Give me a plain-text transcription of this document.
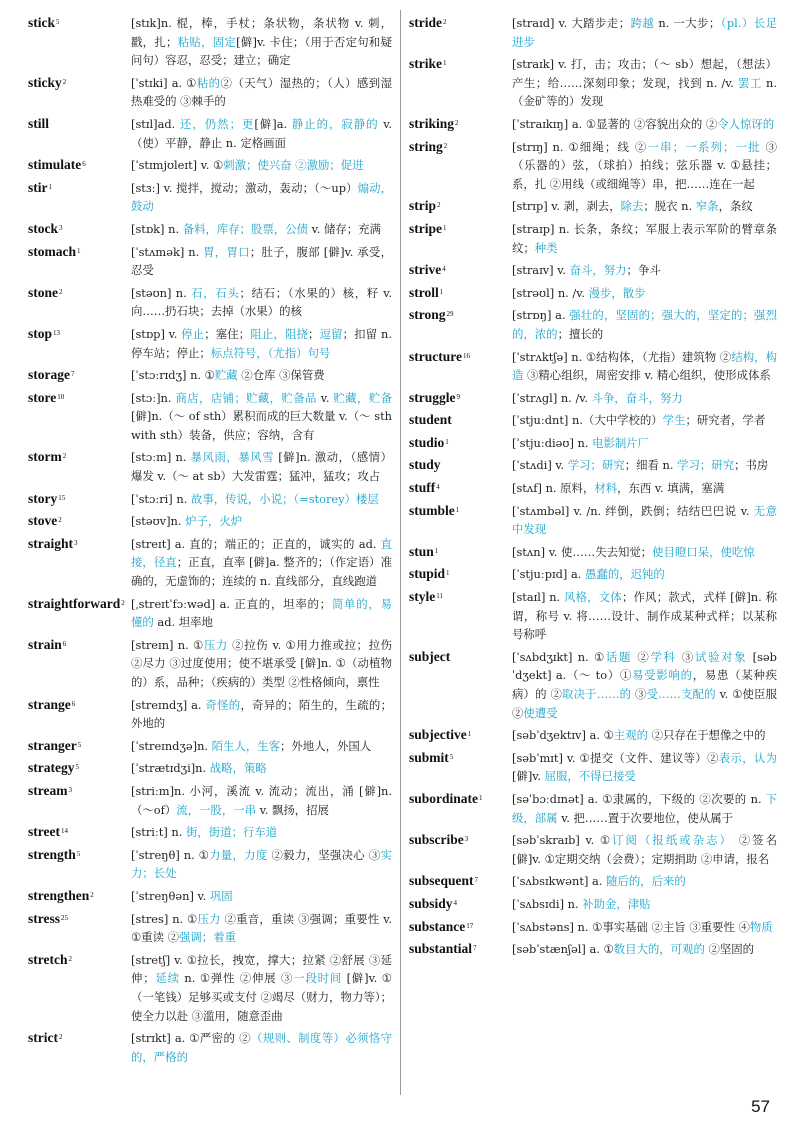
stick$^5$	[stɪk]n. 棍，棒，手杖；条状物，条状物 v. 刺，戳，扎；粘贴，固定[僻]v. 卡住；（用于否定句和疑问句）容忍，忍受；建立；确定
sticky$^2$	[ˈstɪki] a. ①粘的②（天气）湿热的；（人）感到湿热难受的 ③棘手的
still	[stɪl]ad. 还，仍然；更[僻]a. 静止的，寂静的 v.（使）平静，静止 n. 定格画面
stimulate$^6$	[ˈstɪmjʊleɪt] v. ①刺激；使兴奋 ②激励；促进
stir$^1$	[stɜː] v. 搅拌，搅动；激动，轰动；（～up）煽动，鼓动
stock$^3$	[stɒk] n. 备料，库存；股票，公债 v. 储存；充满
stomach$^1$	[ˈstʌmək] n. 胃，胃口；肚子，腹部 [僻]v. 承受，忍受
stone$^2$	[stəʊn] n. 石，石头；结石；（水果的）核，籽 v. 向……扔石块；去掉（水果）的核
stop$^{13}$	[stɒp] v. 停止；塞住；阻止，阻挠；逗留；扣留 n. 停车站；停止；标点符号，（尤指）句号
storage$^7$	[ˈstɔːrɪdʒ] n. ①贮藏 ②仓库 ③保管费
store$^{10}$	[stɔː]n. 商店，店铺；贮藏，贮备品 v. 贮藏，贮备 [僻]n.（～ of sth）累积而成的巨大数量 v.（～ sth with sth）装备，供应；容纳，含有
storm$^2$	[stɔːm] n. 暴风雨，暴风雪 [僻]n. 激动，（感情）爆发 v.（～ at sb）大发雷霆；猛冲，猛攻；攻占
story$^{15}$	[ˈstɔːri] n. 故事，传说，小说；（=storey）楼层
stove$^2$	[stəʊv]n. 炉子，火炉
straight$^3$	[streɪt] a. 直的；端正的；正直的，诚实的 ad. 直接，径直；正直，直率 [僻]a. 整齐的；（作定语）准确的，无虚饰的；连续的 n. 直线部分，直线跑道
straightforward$^2$ [ˌstreɪtˈfɔːwəd] a. 正直的，坦率的；简单的，易懂的 ad. 坦率地
strain$^6$	[streɪn] n. ①压力 ②拉伤 v. ①用力推或拉；拉伤 ②尽力 ③过度使用；使不堪承受 [僻]n. ①（动植物的）系，品种；（疾病的）类型 ②性格倾向，禀性
strange$^6$	[streɪndʒ] a. 奇怪的，奇异的；陌生的，生疏的；外地的
stranger$^5$	[ˈstreɪndʒə]n. 陌生人，生客；外地人，外国人
strategy$^5$	[ˈstrætɪdʒi]n. 战略，策略
stream$^3$	[striːm]n. 小河，溪流 v. 流动；流出，涌 [僻]n.（～of）流，一股，一串 v. 飘扬，招展
street$^{14}$	[striːt] n. 街，街道；行车道
strength$^5$	[ˈstreŋθ] n. ①力量，力度 ②毅力，坚强决心 ③实力；长处
strengthen$^2$	[ˈstreŋθən] v. 巩固
stress$^{25}$	[stres] n. ①压力 ②重音，重读 ③强调；重要性 v. ①重读 ②强调；着重
stretch$^2$	[stretʃ] v. ①拉长，拽宽，撑大；拉紧 ②舒展 ③延伸；延续 n. ①弹性 ②伸展 ③一段时间 [僻]v. ①（一笔钱）足够买或支付 ②竭尽（财力，物力等）；使全力以赴 ③滥用，随意歪曲
strict$^2$	[strɪkt] a. ①严密的 ②（规则、制度等）必须恪守的，严格的
stride$^2$	[straɪd] v. 大踏步走；跨越 n. 一大步；（pl.）长足进步
strike$^1$	[straɪk] v. 打，击；攻击；（～ sb）想起，（想法）产生；给……深刻印象；发现，找到 n. /v. 罢工 n.（金矿等的）发现
striking$^2$	[ˈstraɪkɪŋ] a. ①显著的 ②容貌出众的 ②令人惊讶的
string$^2$	[strɪŋ] n. ①细绳；线 ②一串；一系列；一批 ③（乐器的）弦，（球拍）拍线；弦乐器 v. ①悬挂；系，扎 ②用线（或细绳等）串，把……连在一起
strip$^2$	[strɪp] v. 剥，剥去，除去；脱衣 n. 窄条，条纹
stripe$^1$	[straɪp] n. 长条，条纹；军服上表示军阶的臂章条纹；种类
strive$^4$	[straɪv] v. 奋斗，努力；争斗
stroll$^1$	[strəʊl] n. /v. 漫步，散步
strong$^{29}$	[strɒŋ] a. 强壮的，坚固的；强大的，坚定的；强烈的，浓的；擅长的
structure$^{16}$	[ˈstrʌktʃə] n. ①结构体，（尤指）建筑物 ②结构，构造 ③精心组织，周密安排 v. 精心组织，使形成体系
struggle$^9$	[ˈstrʌgl] n. /v. 斗争，奋斗，努力
student	[ˈstjuːdnt] n.（大中学校的）学生；研究者，学者
studio$^1$	[ˈstjuːdiəʊ] n. 电影制片厂
study	[ˈstʌdi] v. 学习；研究；细看 n. 学习；研究；书房
stuff$^4$	[stʌf] n. 原料，材料，东西 v. 填满，塞满
stumble$^1$	[ˈstʌmbəl] v. /n. 绊倒，跌倒；结结巴巴说 v. 无意中发现
stun$^1$	[stʌn] v. 使……失去知觉；使目瞪口呆，使吃惊
stupid$^1$	[ˈstjuːpɪd] a. 愚蠢的，迟钝的
style$^{11}$	[staɪl] n. 风格，文体；作风；款式，式样 [僻]n. 称谓，称号 v. 将……设计、制作成某种式样；以某称号称呼
subject	[ˈsʌbdʒɪkt] n. ①话题 ②学科 ③试验对象 [səbˈdʒekt] a.（～ to）①易受影响的，易患（某种疾病）的 ②取决于……的 ③受……支配的 v. ①使臣服 ②使遭受
subjective$^1$	[səbˈdʒektɪv] a. ①主观的 ②只存在于想像之中的
submit$^5$	[səbˈmɪt] v. ①提交（文件、建议等）②表示，认为 [僻]v. 屈服，不得已接受
subordinate$^1$	[səˈbɔːdɪnət] a. ①隶属的，下级的 ②次要的 n. 下级，部属 v. 把……置于次要地位，使从属于
subscribe$^3$	[səbˈskraɪb] v. ①订阅（报纸或杂志） ②签名 [僻]v. ①定期交纳（会费）；定期捐助 ②申请，报名
subsequent$^7$	[ˈsʌbsɪkwənt] a. 随后的，后来的
subsidy$^4$	[ˈsʌbsɪdi] n. 补助金，津贴
substance$^{17}$	[ˈsʌbstəns] n. ①事实基础 ②主旨 ③重要性 ④物质
substantial$^7$	[səbˈstænʃəl] a. ①数目大的，可观的 ②坚固的
57
